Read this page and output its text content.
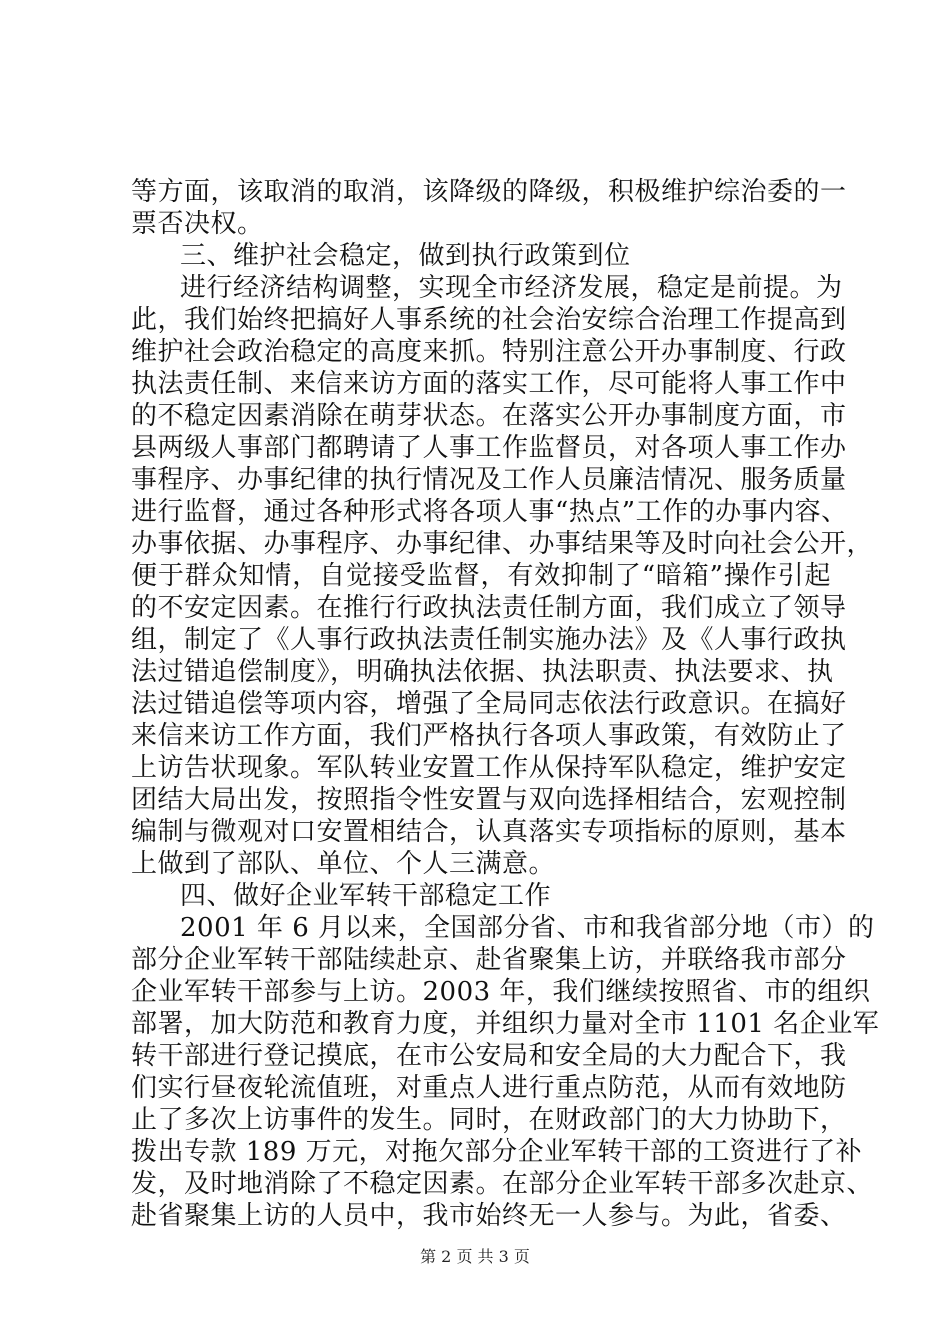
等方面，该取消的取消，该降级的降级，积极维护综治委的一
票否决权。
三、维护社会稳定，做到执行政策到位
进行经济结构调整，实现全市经济发展，稳定是前提。为
此，我们始终把搞好人事系统的社会治安综合治理工作提高到
维护社会政治稳定的高度来抓。特别注意公开办事制度、行政
执法责任制、来信来访方面的落实工作，尽可能将人事工作中
的不稳定因素消除在萌芽状态。在落实公开办事制度方面，市
县两级人事部门都聘请了人事工作监督员，对各项人事工作办
事程序、办事纪律的执行情况及工作人员廉洁情况、服务质量
进行监督，通过各种形式将各项人事“热点”工作的办事内容、
办事依据、办事程序、办事纪律、办事结果等及时向社会公开，
便于群众知情，自觉接受监督，有效抑制了“暗箱”操作引起
的不安定因素。在推行行政执法责任制方面，我们成立了领导
组，制定了《人事行政执法责任制实施办法》及《人事行政执
法过错追偿制度》，明确执法依据、执法职责、执法要求、执
法过错追偿等项内容，增强了全局同志依法行政意识。在搞好
来信来访工作方面，我们严格执行各项人事政策，有效防止了
上访告状现象。军队转业安置工作从保持军队稳定，维护安定
团结大局出发，按照指令性安置与双向选择相结合，宏观控制
编制与微观对口安置相结合，认真落实专项指标的原则，基本
上做到了部队、单位、个人三满意。
四、做好企业军转干部稳定工作
2001 年 6 月以来，全国部分省、市和我省部分地（市）的
部分企业军转干部陆续赴京、赴省聚集上访，并联络我市部分
企业军转干部参与上访。2003 年，我们继续按照省、市的组织
部署，加大防范和教育力度，并组织力量对全市 1101 名企业军
转干部进行登记摸底，在市公安局和安全局的大力配合下，我
们实行昼夜轮流值班，对重点人进行重点防范，从而有效地防
止了多次上访事件的发生。同时，在财政部门的大力协助下，
拨出专款 189 万元，对拖欠部分企业军转干部的工资进行了补
发，及时地消除了不稳定因素。在部分企业军转干部多次赴京、
赴省聚集上访的人员中，我市始终无一人参与。为此，省委、
第 2 页 共 3 页
